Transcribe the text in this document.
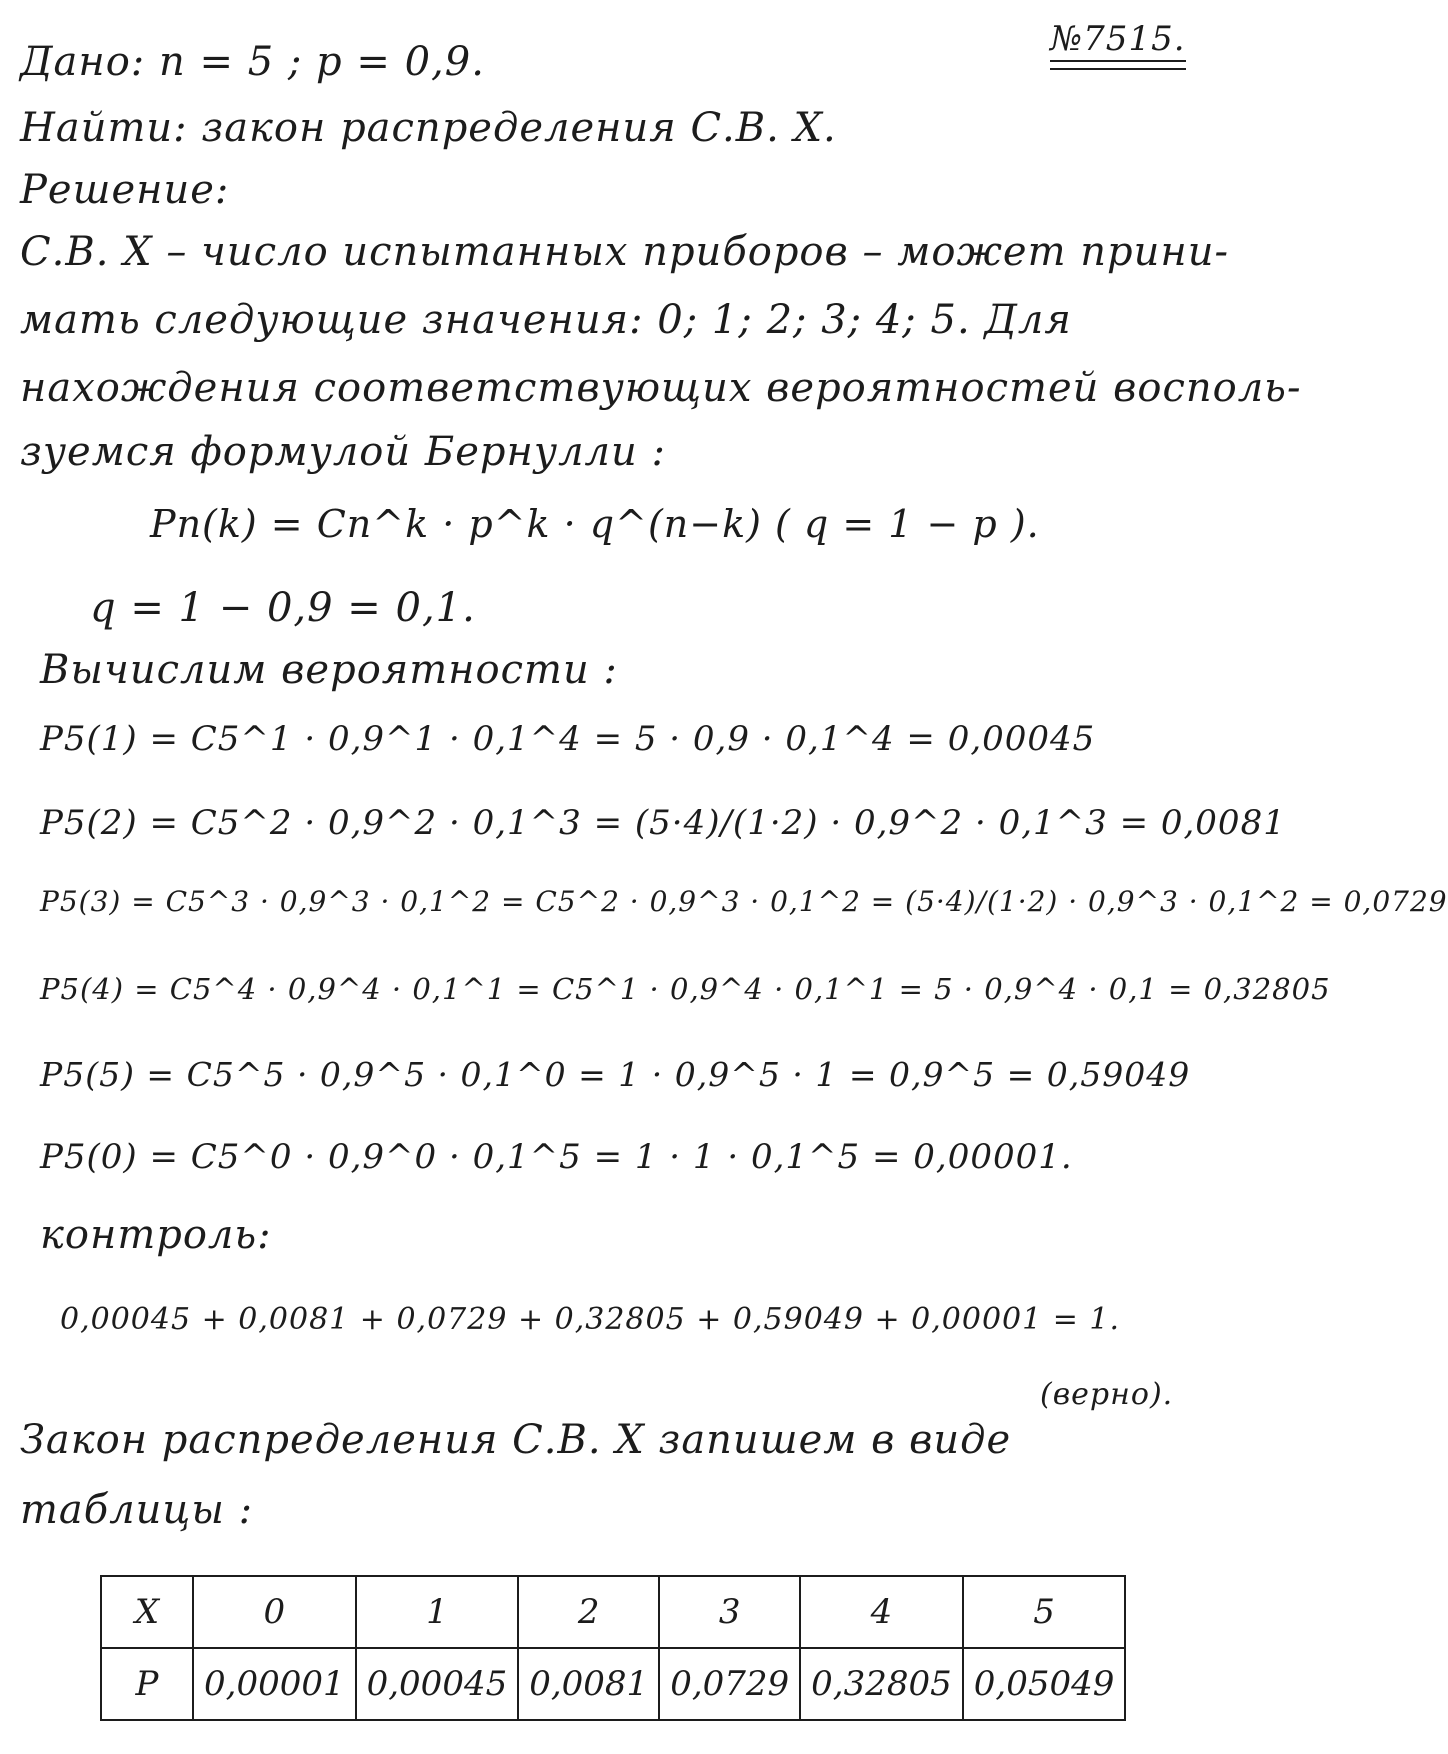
№7515.
Дано: n = 5 ; p = 0,9.
Найти: закон распределения С.В. X.
Решение:
С.В. X – число испытанных приборов – может прини-
мать следующие значения: 0; 1; 2; 3; 4; 5. Для
нахождения соответствующих вероятностей восполь-
зуемся формулой Бернулли :
Pn(k) = Cn^k · p^k · q^(n−k) ( q = 1 − p ).
q = 1 − 0,9 = 0,1.
Вычислим вероятности :
P5(1) = C5^1 · 0,9^1 · 0,1^4 = 5 · 0,9 · 0,1^4 = 0,00045
P5(2) = C5^2 · 0,9^2 · 0,1^3 = (5·4)/(1·2) · 0,9^2 · 0,1^3 = 0,0081
P5(3) = C5^3 · 0,9^3 · 0,1^2 = C5^2 · 0,9^3 · 0,1^2 = (5·4)/(1·2) · 0,9^3 · 0,1^2 = 0,0729
P5(4) = C5^4 · 0,9^4 · 0,1^1 = C5^1 · 0,9^4 · 0,1^1 = 5 · 0,9^4 · 0,1 = 0,32805
P5(5) = C5^5 · 0,9^5 · 0,1^0 = 1 · 0,9^5 · 1 = 0,9^5 = 0,59049
P5(0) = C5^0 · 0,9^0 · 0,1^5 = 1 · 1 · 0,1^5 = 0,00001.
контроль:
0,00045 + 0,0081 + 0,0729 + 0,32805 + 0,59049 + 0,00001 = 1.
(верно).
Закон распределения С.В. X запишем в виде
таблицы :
X	0	1	2	3	4	5
P	0,00001	0,00045	0,0081	0,0729	0,32805	0,05049
